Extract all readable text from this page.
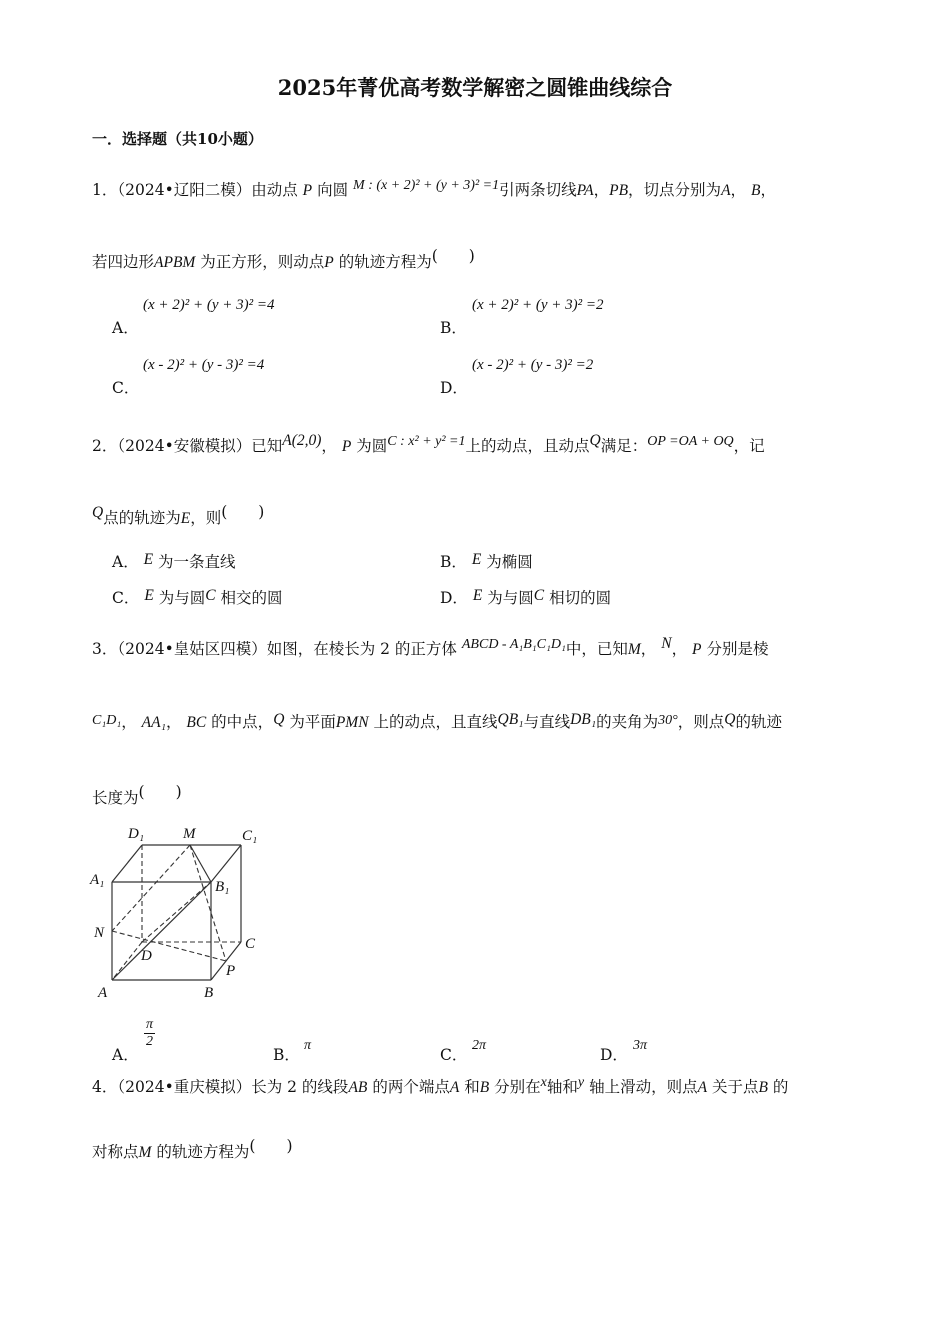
2025年菁优高考数学解密之圆锥曲线综合
一．选择题（共10小题）
1．（2024•辽阳二模）由动点 P 向圆 M : (x + 2)² + (y + 3)² =1引两条切线PA，PB，切点分别为A， B，
若四边形APBM 为正方形，则动点P 的轨迹方程为(　　)
A．
(x + 2)² + (y + 3)² =4
B．
(x + 2)² + (y + 3)² =2
C．
(x - 2)² + (y - 3)² =4
D．
(x - 2)² + (y - 3)² =2
2．（2024•安徽模拟）已知A(2,0)， P 为圆C : x² + y² =1上的动点，且动点Q满足：OP =OA + OQ，记
Q点的轨迹为E，则(　　)
A． E 为一条直线	B． E 为椭圆
C． E 为与圆C 相交的圆	D． E 为与圆C 相切的圆
3．（2024•皇姑区四模）如图，在棱长为 2 的正方体 ABCD - A₁B₁C₁D₁中，已知M， N， P 分别是棱
C₁D₁， AA₁， BC 的中点，Q 为平面PMN 上的动点，且直线QB₁与直线DB₁的夹角为30°，则点Q的轨迹
长度为(　　)
D₁	M	C₁
A₁	B₁
N
C
D
P
A	B
A．
$\frac{\pi}{2}$
B．
π
C．
2π
D．
3π
4．（2024•重庆模拟）长为 2 的线段AB 的两个端点A 和B 分别在x轴和y 轴上滑动，则点A 关于点B 的
对称点M 的轨迹方程为(　　)
